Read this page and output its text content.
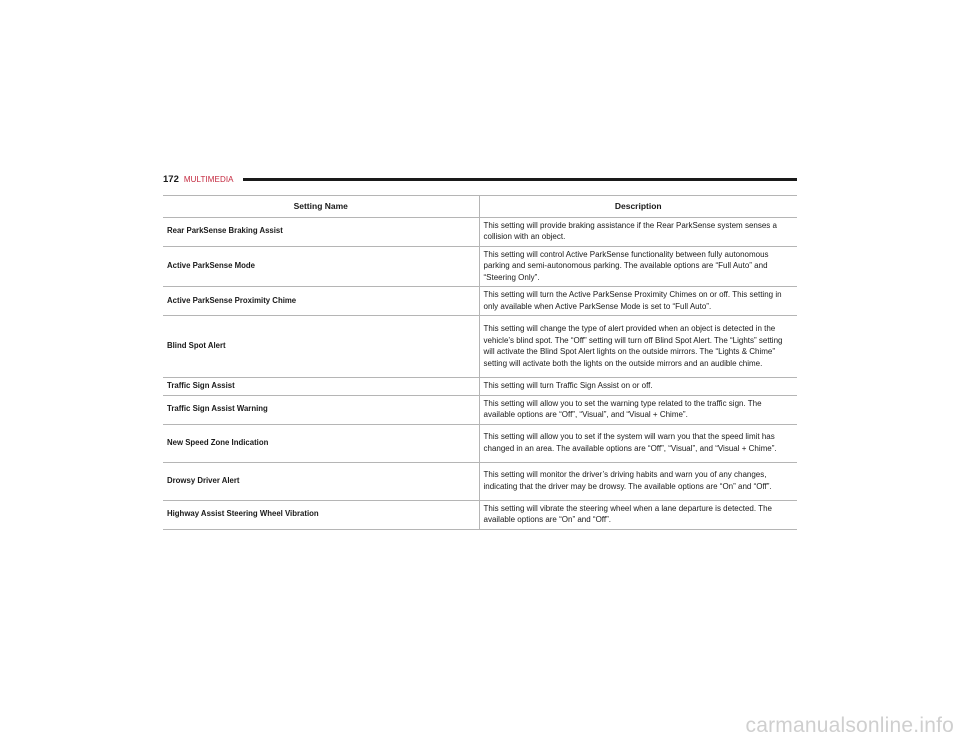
172 MULTIMEDIA
Setting Name	Description
Rear ParkSense Braking Assist	This setting will provide braking assistance if the Rear ParkSense system senses a collision with an object.
Active ParkSense Mode	This setting will control Active ParkSense functionality between fully autonomous parking and semi-autonomous parking. The available options are “Full Auto” and “Steering Only”.
Active ParkSense Proximity Chime	This setting will turn the Active ParkSense Proximity Chimes on or off. This setting in only available when Active ParkSense Mode is set to “Full Auto”.
Blind Spot Alert	This setting will change the type of alert provided when an object is detected in the vehicle’s blind spot. The “Off” setting will turn off Blind Spot Alert. The “Lights” setting will activate the Blind Spot Alert lights on the outside mirrors. The “Lights & Chime” setting will activate both the lights on the outside mirrors and an audible chime.
Traffic Sign Assist	This setting will turn Traffic Sign Assist on or off.
Traffic Sign Assist Warning	This setting will allow you to set the warning type related to the traffic sign. The available options are “Off”, “Visual”, and “Visual + Chime”.
New Speed Zone Indication	This setting will allow you to set if the system will warn you that the speed limit has changed in an area. The available options are “Off”, “Visual”, and “Visual + Chime”.
Drowsy Driver Alert	This setting will monitor the driver’s driving habits and warn you of any changes, indicating that the driver may be drowsy. The available options are “On” and “Off”.
Highway Assist Steering Wheel Vibration	This setting will vibrate the steering wheel when a lane departure is detected. The available options are “On” and “Off”.
carmanualsonline.info
